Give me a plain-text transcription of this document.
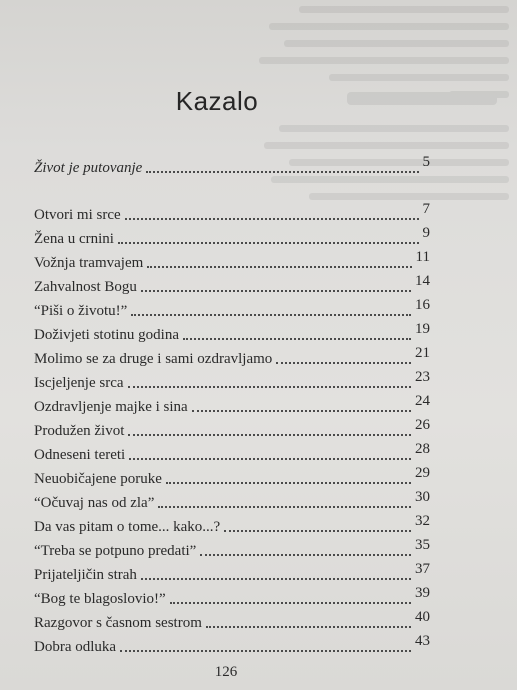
Kazalo
Život je putovanje	5
Otvori mi srce	7
Žena u crnini	9
Vožnja tramvajem	11
Zahvalnost Bogu	14
“Piši o životu!”	16
Doživjeti stotinu godina	19
Molimo se za druge i sami ozdravljamo	21
Iscjeljenje srca	23
Ozdravljenje majke i sina	24
Produžen život	26
Odneseni tereti	28
Neuobičajene poruke	29
“Očuvaj nas od zla”	30
Da vas pitam o tome... kako...?	32
“Treba se potpuno predati”	35
Prijateljičin strah	37
“Bog te blagoslovio!”	39
Razgovor s časnom sestrom	40
Dobra odluka	43
126
